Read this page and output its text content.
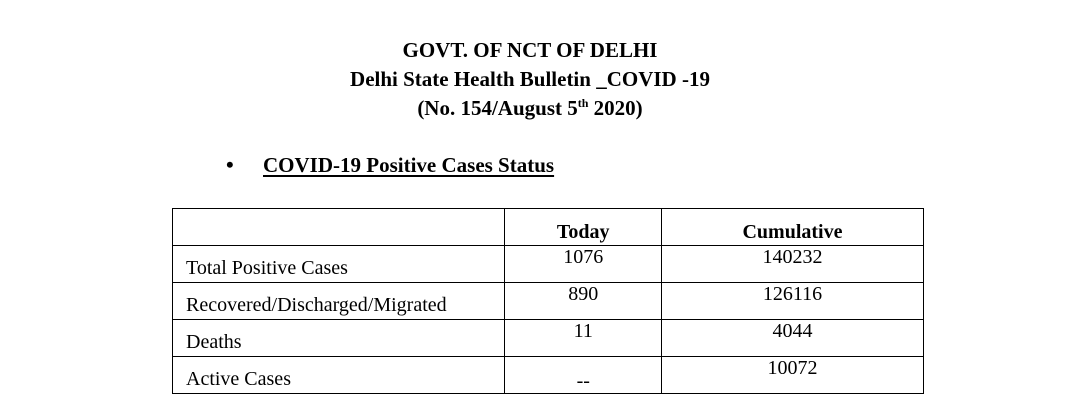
GOVT. OF NCT OF DELHI
Delhi State Health Bulletin _COVID -19
(No. 154/August 5th 2020)
•	COVID-19 Positive Cases Status
	Today	Cumulative
Total Positive Cases	1076	140232
Recovered/Discharged/Migrated	890	126116
Deaths	11	4044
Active Cases	--	10072
